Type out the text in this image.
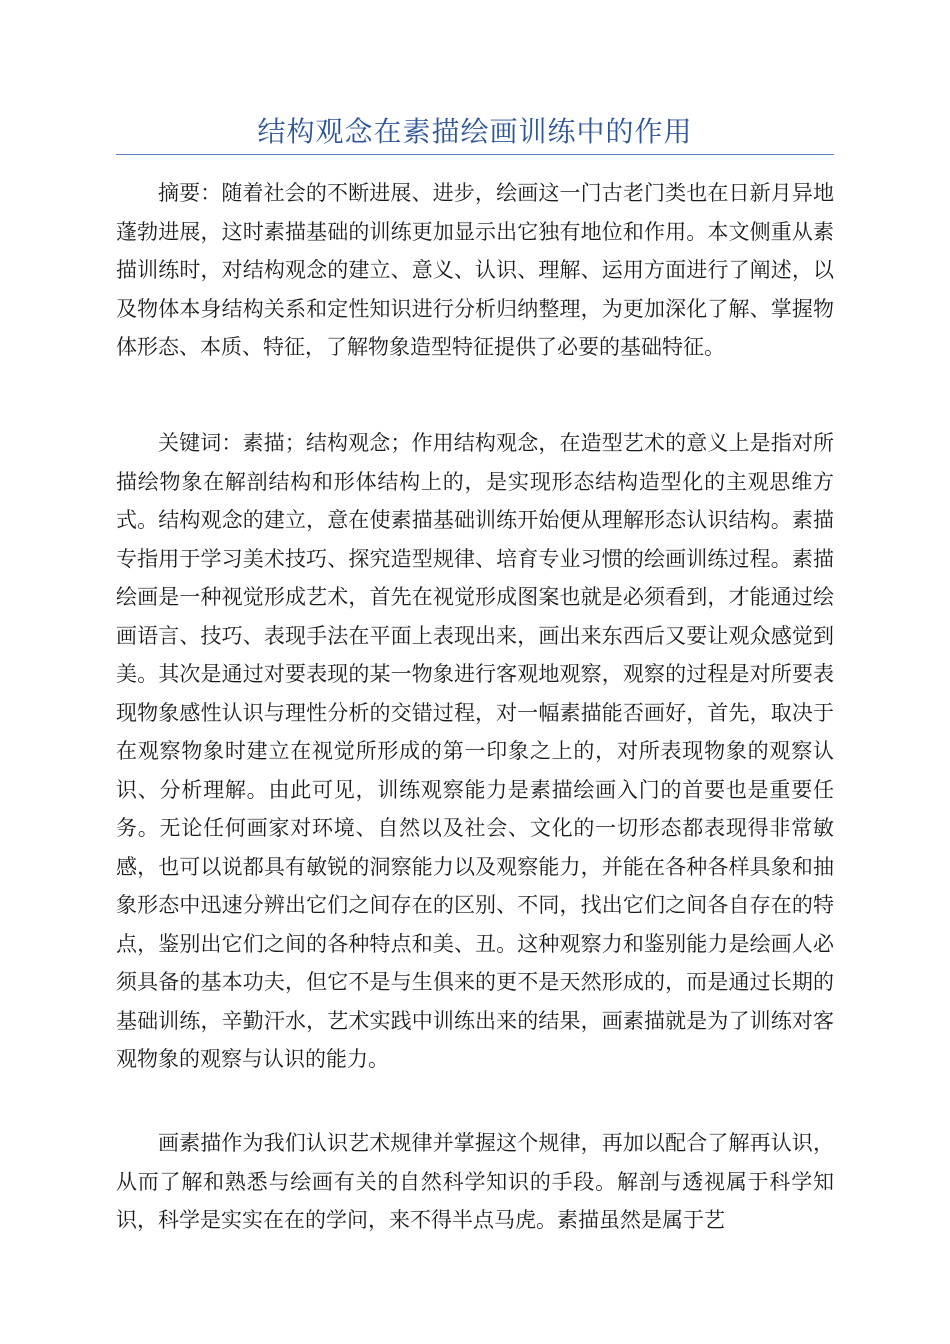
结构观念在素描绘画训练中的作用

摘要：随着社会的不断进展、进步，绘画这一门古老门类也在日新月异地蓬勃进展，这时素描基础的训练更加显示出它独有地位和作用。本文侧重从素描训练时，对结构观念的建立、意义、认识、理解、运用方面进行了阐述，以及物体本身结构关系和定性知识进行分析归纳整理，为更加深化了解、掌握物体形态、本质、特征，了解物象造型特征提供了必要的基础特征。

关键词：素描；结构观念；作用结构观念，在造型艺术的意义上是指对所描绘物象在解剖结构和形体结构上的，是实现形态结构造型化的主观思维方式。结构观念的建立，意在使素描基础训练开始便从理解形态认识结构。素描专指用于学习美术技巧、探究造型规律、培育专业习惯的绘画训练过程。素描绘画是一种视觉形成艺术，首先在视觉形成图案也就是必须看到，才能通过绘画语言、技巧、表现手法在平面上表现出来，画出来东西后又要让观众感觉到美。其次是通过对要表现的某一物象进行客观地观察，观察的过程是对所要表现物象感性认识与理性分析的交错过程，对一幅素描能否画好，首先，取决于在观察物象时建立在视觉所形成的第一印象之上的，对所表现物象的观察认识、分析理解。由此可见，训练观察能力是素描绘画入门的首要也是重要任务。无论任何画家对环境、自然以及社会、文化的一切形态都表现得非常敏感，也可以说都具有敏锐的洞察能力以及观察能力，并能在各种各样具象和抽象形态中迅速分辨出它们之间存在的区别、不同，找出它们之间各自存在的特点，鉴别出它们之间的各种特点和美、丑。这种观察力和鉴别能力是绘画人必须具备的基本功夫，但它不是与生俱来的更不是天然形成的，而是通过长期的基础训练，辛勤汗水，艺术实践中训练出来的结果，画素描就是为了训练对客观物象的观察与认识的能力。

画素描作为我们认识艺术规律并掌握这个规律，再加以配合了解再认识，从而了解和熟悉与绘画有关的自然科学知识的手段。解剖与透视属于科学知识，科学是实实在在的学问，来不得半点马虎。素描虽然是属于艺
